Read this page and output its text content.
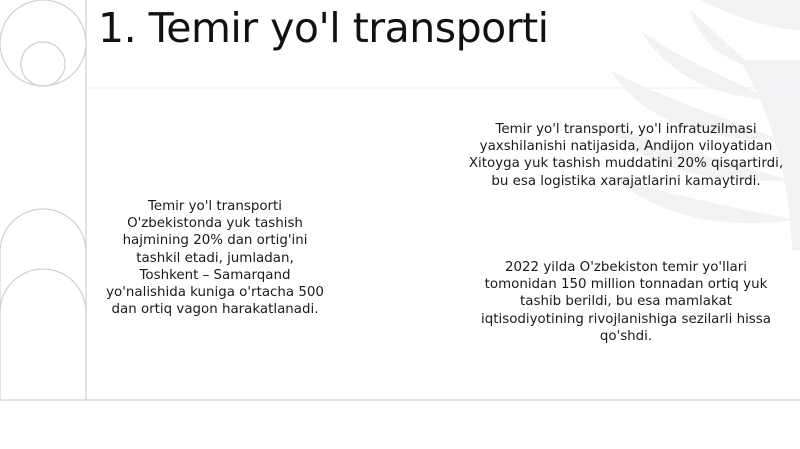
1. Temir yo'l transporti

Temir yo'l transporti O'zbekistonda yuk tashish hajmining 20% dan ortig'ini tashkil etadi, jumladan, Toshkent – Samarqand yo'nalishida kuniga o'rtacha 500 dan ortiq vagon harakatlanadi.

Temir yo'l transporti, yo'l infratuzilmasi yaxshilanishi natijasida, Andijon viloyatidan Xitoyga yuk tashish muddatini 20% qisqartirdi, bu esa logistika xarajatlarini kamaytirdi.

2022 yilda O'zbekiston temir yo'llari tomonidan 150 million tonnadan ortiq yuk tashib berildi, bu esa mamlakat iqtisodiyotining rivojlanishiga sezilarli hissa qo'shdi.
